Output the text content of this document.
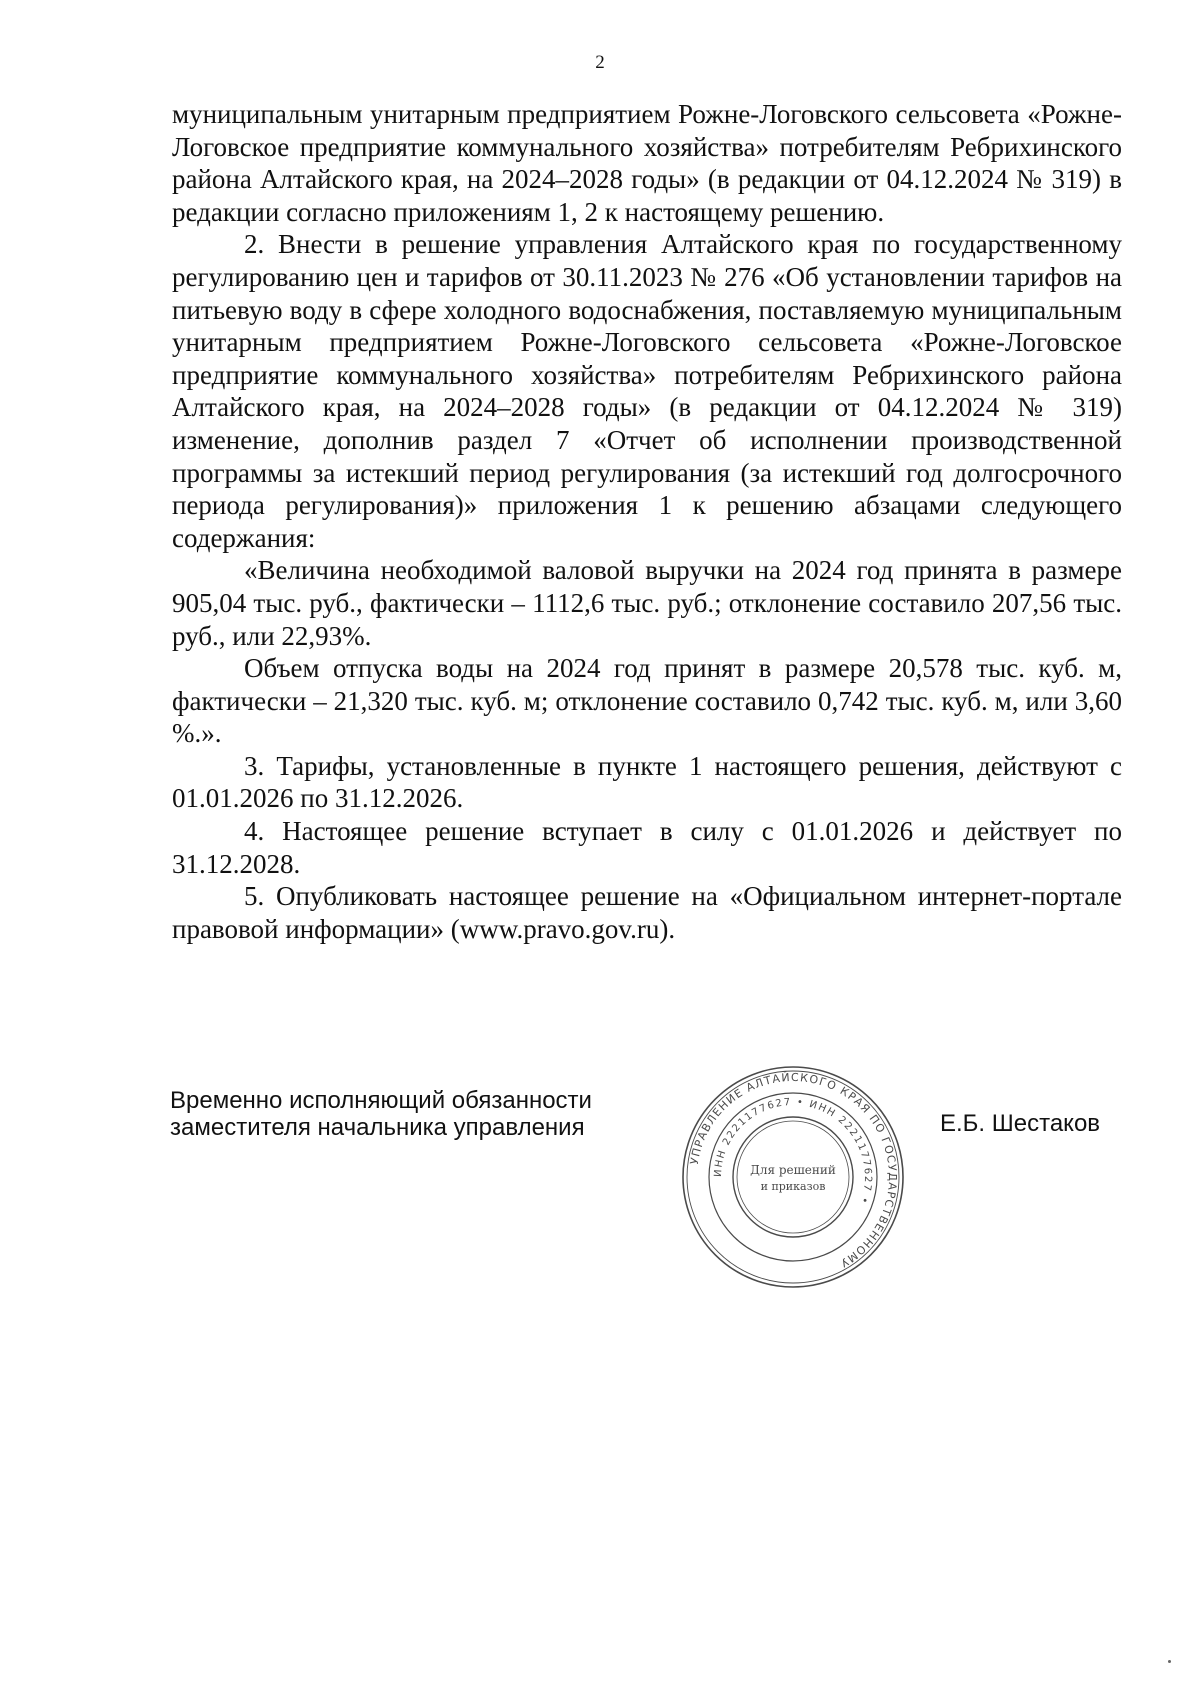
2

муниципальным унитарным предприятием Рожне-Логовского сельсовета «Рожне-Логовское предприятие коммунального хозяйства» потребителям Ребрихинского района Алтайского края, на 2024–2028 годы» (в редакции от 04.12.2024 № 319) в редакции согласно приложениям 1, 2 к настоящему решению.

2. Внести в решение управления Алтайского края по государственному регулированию цен и тарифов от 30.11.2023 № 276 «Об установлении тарифов на питьевую воду в сфере холодного водоснабжения, поставляемую муниципальным унитарным предприятием Рожне-Логовского сельсовета «Рожне-Логовское предприятие коммунального хозяйства» потребителям Ребрихинского района Алтайского края, на 2024–2028 годы» (в редакции от 04.12.2024 № 319) изменение, дополнив раздел 7 «Отчет об исполнении производственной программы за истекший период регулирования (за истекший год долгосрочного периода регулирования)» приложения 1 к решению абзацами следующего содержания:

«Величина необходимой валовой выручки на 2024 год принята в размере 905,04 тыс. руб., фактически – 1112,6 тыс. руб.; отклонение составило 207,56 тыс. руб., или 22,93%.

Объем отпуска воды на 2024 год принят в размере 20,578 тыс. куб. м, фактически – 21,320 тыс. куб. м; отклонение составило 0,742 тыс. куб. м, или 3,60 %.».

3. Тарифы, установленные в пункте 1 настоящего решения, действуют с 01.01.2026 по 31.12.2026.

4. Настоящее решение вступает в силу с 01.01.2026 и действует по 31.12.2028.

5. Опубликовать настоящее решение на «Официальном интернет-портале правовой информации» (www.pravo.gov.ru).

Временно исполняющий обязанности
заместителя начальника управления
УПРАВЛЕНИЕ АЛТАЙСКОГО КРАЯ ПО ГОСУДАРСТВЕННОМУ
ИНН 2221177627 • ИНН 2221177627 •
Для решений
и приказов
Е.Б. Шестаков
